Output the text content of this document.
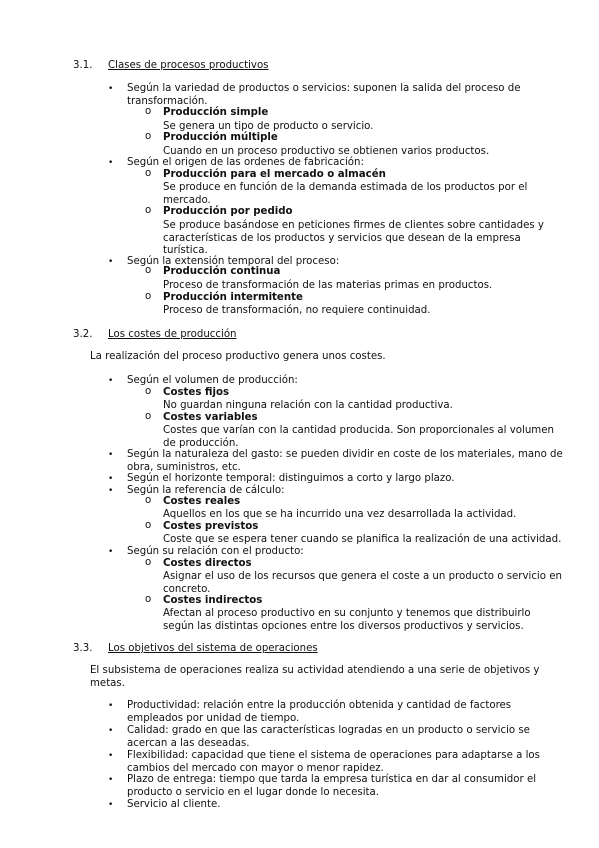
3.1.	Clases de procesos productivos
• Según la variedad de productos o servicios: suponen la salida del proceso de transformación.
o Producción simple
Se genera un tipo de producto o servicio.
o Producción múltiple
Cuando en un proceso productivo se obtienen varios productos.
• Según el origen de las ordenes de fabricación:
o Producción para el mercado o almacén
Se produce en función de la demanda estimada de los productos por el mercado.
o Producción por pedido
Se produce basándose en peticiones firmes de clientes sobre cantidades y características de los productos y servicios que desean de la empresa turística.
• Según la extensión temporal del proceso:
o Producción continua
Proceso de transformación de las materias primas en productos.
o Producción intermitente
Proceso de transformación, no requiere continuidad.
3.2.	Los costes de producción
La realización del proceso productivo genera unos costes.
• Según el volumen de producción:
o Costes fijos
No guardan ninguna relación con la cantidad productiva.
o Costes variables
Costes que varían con la cantidad producida. Son proporcionales al volumen de producción.
• Según la naturaleza del gasto: se pueden dividir en coste de los materiales, mano de obra, suministros, etc.
• Según el horizonte temporal: distinguimos a corto y largo plazo.
• Según la referencia de cálculo:
o Costes reales
Aquellos en los que se ha incurrido una vez desarrollada la actividad.
o Costes previstos
Coste que se espera tener cuando se planifica la realización de una actividad.
• Según su relación con el producto:
o Costes directos
Asignar el uso de los recursos que genera el coste a un producto o servicio en concreto.
o Costes indirectos
Afectan al proceso productivo en su conjunto y tenemos que distribuirlo según las distintas opciones entre los diversos productivos y servicios.
3.3.	Los objetivos del sistema de operaciones
El subsistema de operaciones realiza su actividad atendiendo a una serie de objetivos y metas.
• Productividad: relación entre la producción obtenida y cantidad de factores empleados por unidad de tiempo.
• Calidad: grado en que las características logradas en un producto o servicio se acercan a las deseadas.
• Flexibilidad: capacidad que tiene el sistema de operaciones para adaptarse a los cambios del mercado con mayor o menor rapidez.
• Plazo de entrega: tiempo que tarda la empresa turística en dar al consumidor el producto o servicio en el lugar donde lo necesita.
• Servicio al cliente.
